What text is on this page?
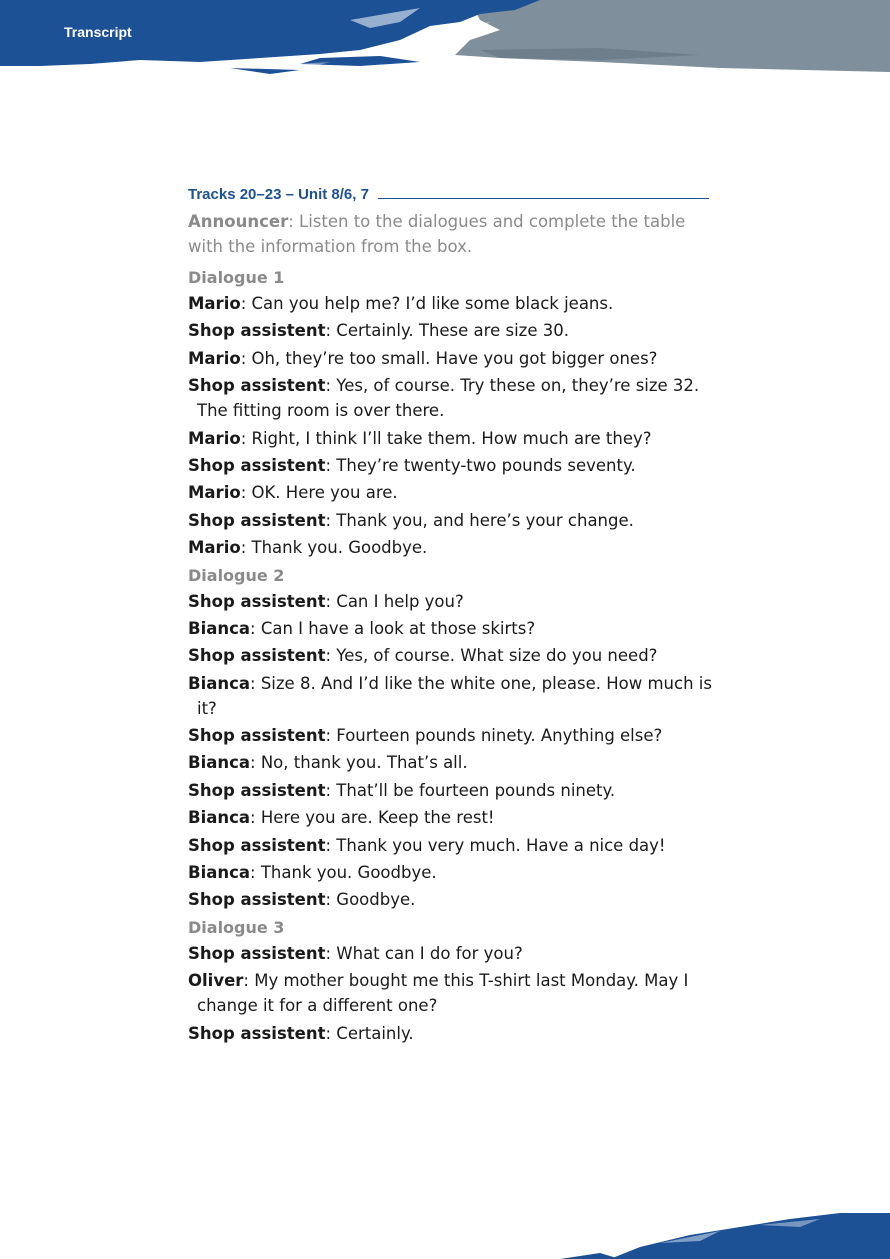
Transcript
Tracks 20–23 – Unit 8/6, 7
Announcer: Listen to the dialogues and complete the table with the information from the box.
Dialogue 1
Mario: Can you help me? I’d like some black jeans.
Shop assistent: Certainly. These are size 30.
Mario: Oh, they’re too small. Have you got bigger ones?
Shop assistent: Yes, of course. Try these on, they’re size 32. The fitting room is over there.
Mario: Right, I think I’ll take them. How much are they?
Shop assistent: They’re twenty-two pounds seventy.
Mario: OK. Here you are.
Shop assistent: Thank you, and here’s your change.
Mario: Thank you. Goodbye.
Dialogue 2
Shop assistent: Can I help you?
Bianca: Can I have a look at those skirts?
Shop assistent: Yes, of course. What size do you need?
Bianca: Size 8. And I’d like the white one, please. How much is it?
Shop assistent: Fourteen pounds ninety. Anything else?
Bianca: No, thank you. That’s all.
Shop assistent: That’ll be fourteen pounds ninety.
Bianca: Here you are. Keep the rest!
Shop assistent: Thank you very much. Have a nice day!
Bianca: Thank you. Goodbye.
Shop assistent: Goodbye.
Dialogue 3
Shop assistent: What can I do for you?
Oliver: My mother bought me this T-shirt last Monday. May I change it for a different one?
Shop assistent: Certainly.
